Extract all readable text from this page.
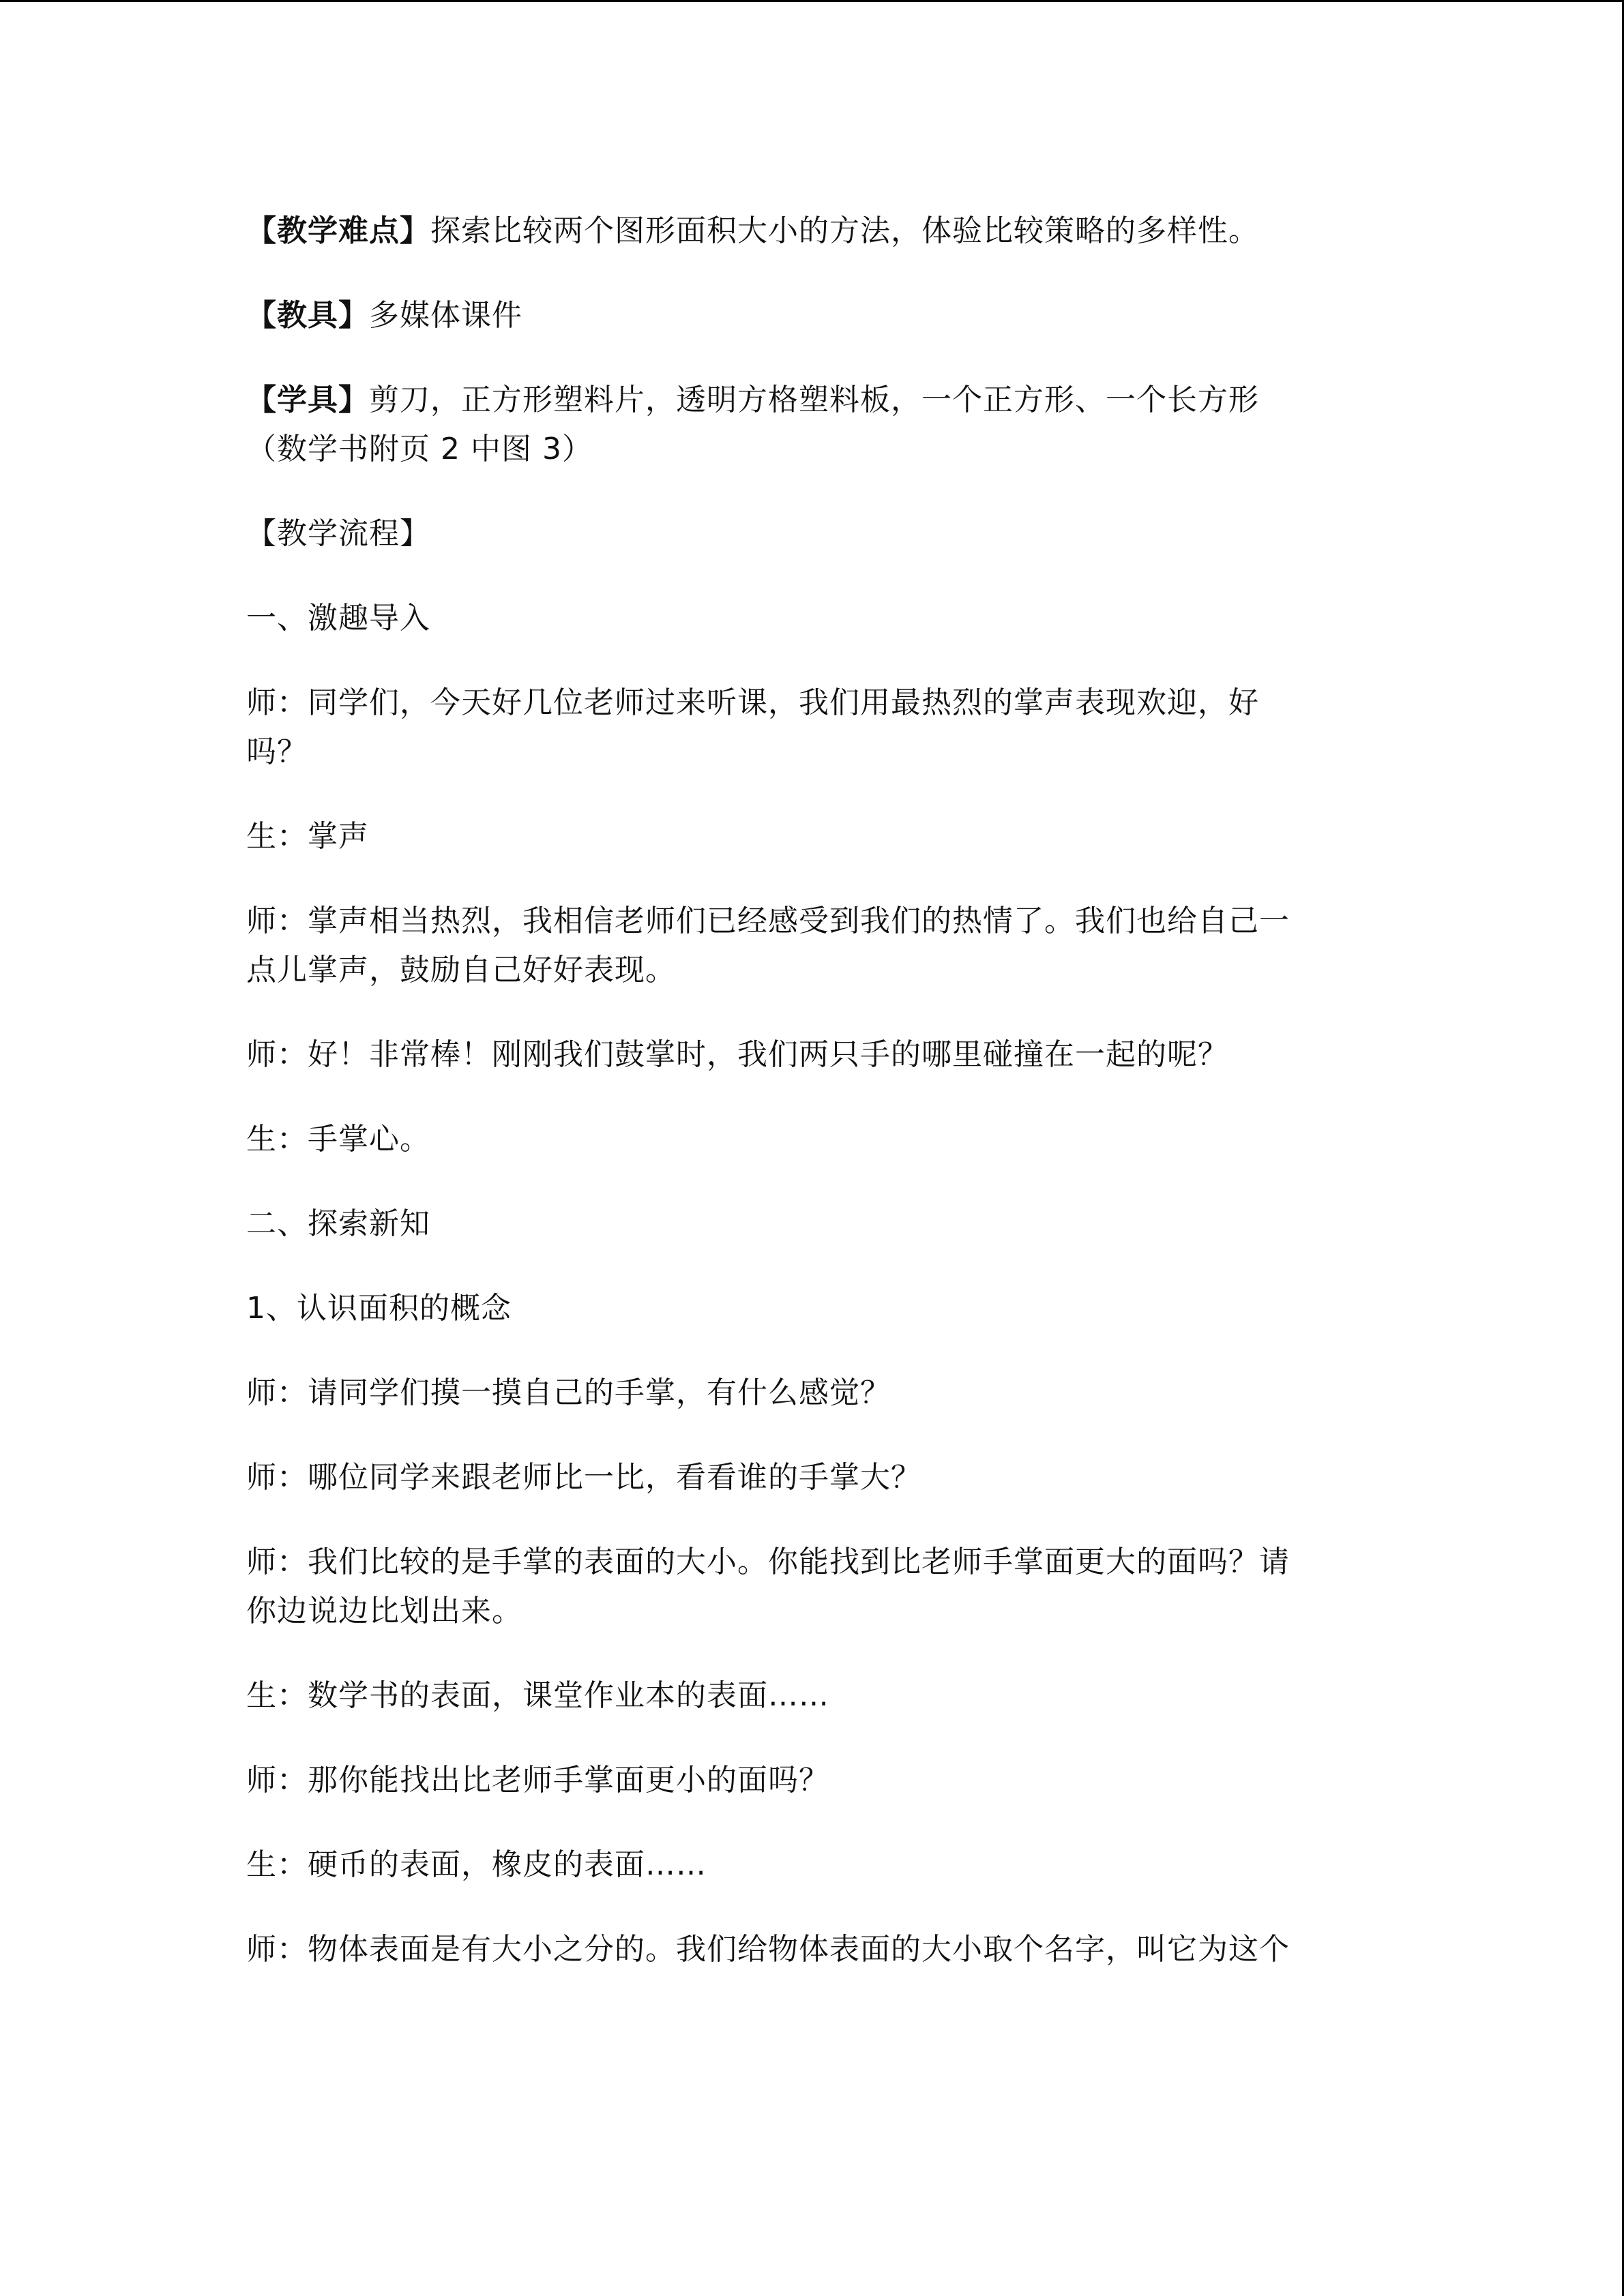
【教学难点】探索比较两个图形面积大小的方法，体验比较策略的多样性。

【教具】多媒体课件

【学具】剪刀，正方形塑料片，透明方格塑料板，一个正方形、一个长方形
（数学书附页 2 中图 3）

【教学流程】

一、激趣导入

师：同学们，今天好几位老师过来听课，我们用最热烈的掌声表现欢迎，好
吗？

生：掌声

师：掌声相当热烈，我相信老师们已经感受到我们的热情了。我们也给自己一
点儿掌声，鼓励自己好好表现。

师：好！非常棒！刚刚我们鼓掌时，我们两只手的哪里碰撞在一起的呢？

生：手掌心。

二、探索新知

1、认识面积的概念

师：请同学们摸一摸自己的手掌，有什么感觉？

师：哪位同学来跟老师比一比，看看谁的手掌大？

师：我们比较的是手掌的表面的大小。你能找到比老师手掌面更大的面吗？请
你边说边比划出来。

生：数学书的表面，课堂作业本的表面……

师：那你能找出比老师手掌面更小的面吗？

生：硬币的表面，橡皮的表面……

师：物体表面是有大小之分的。我们给物体表面的大小取个名字，叫它为这个
